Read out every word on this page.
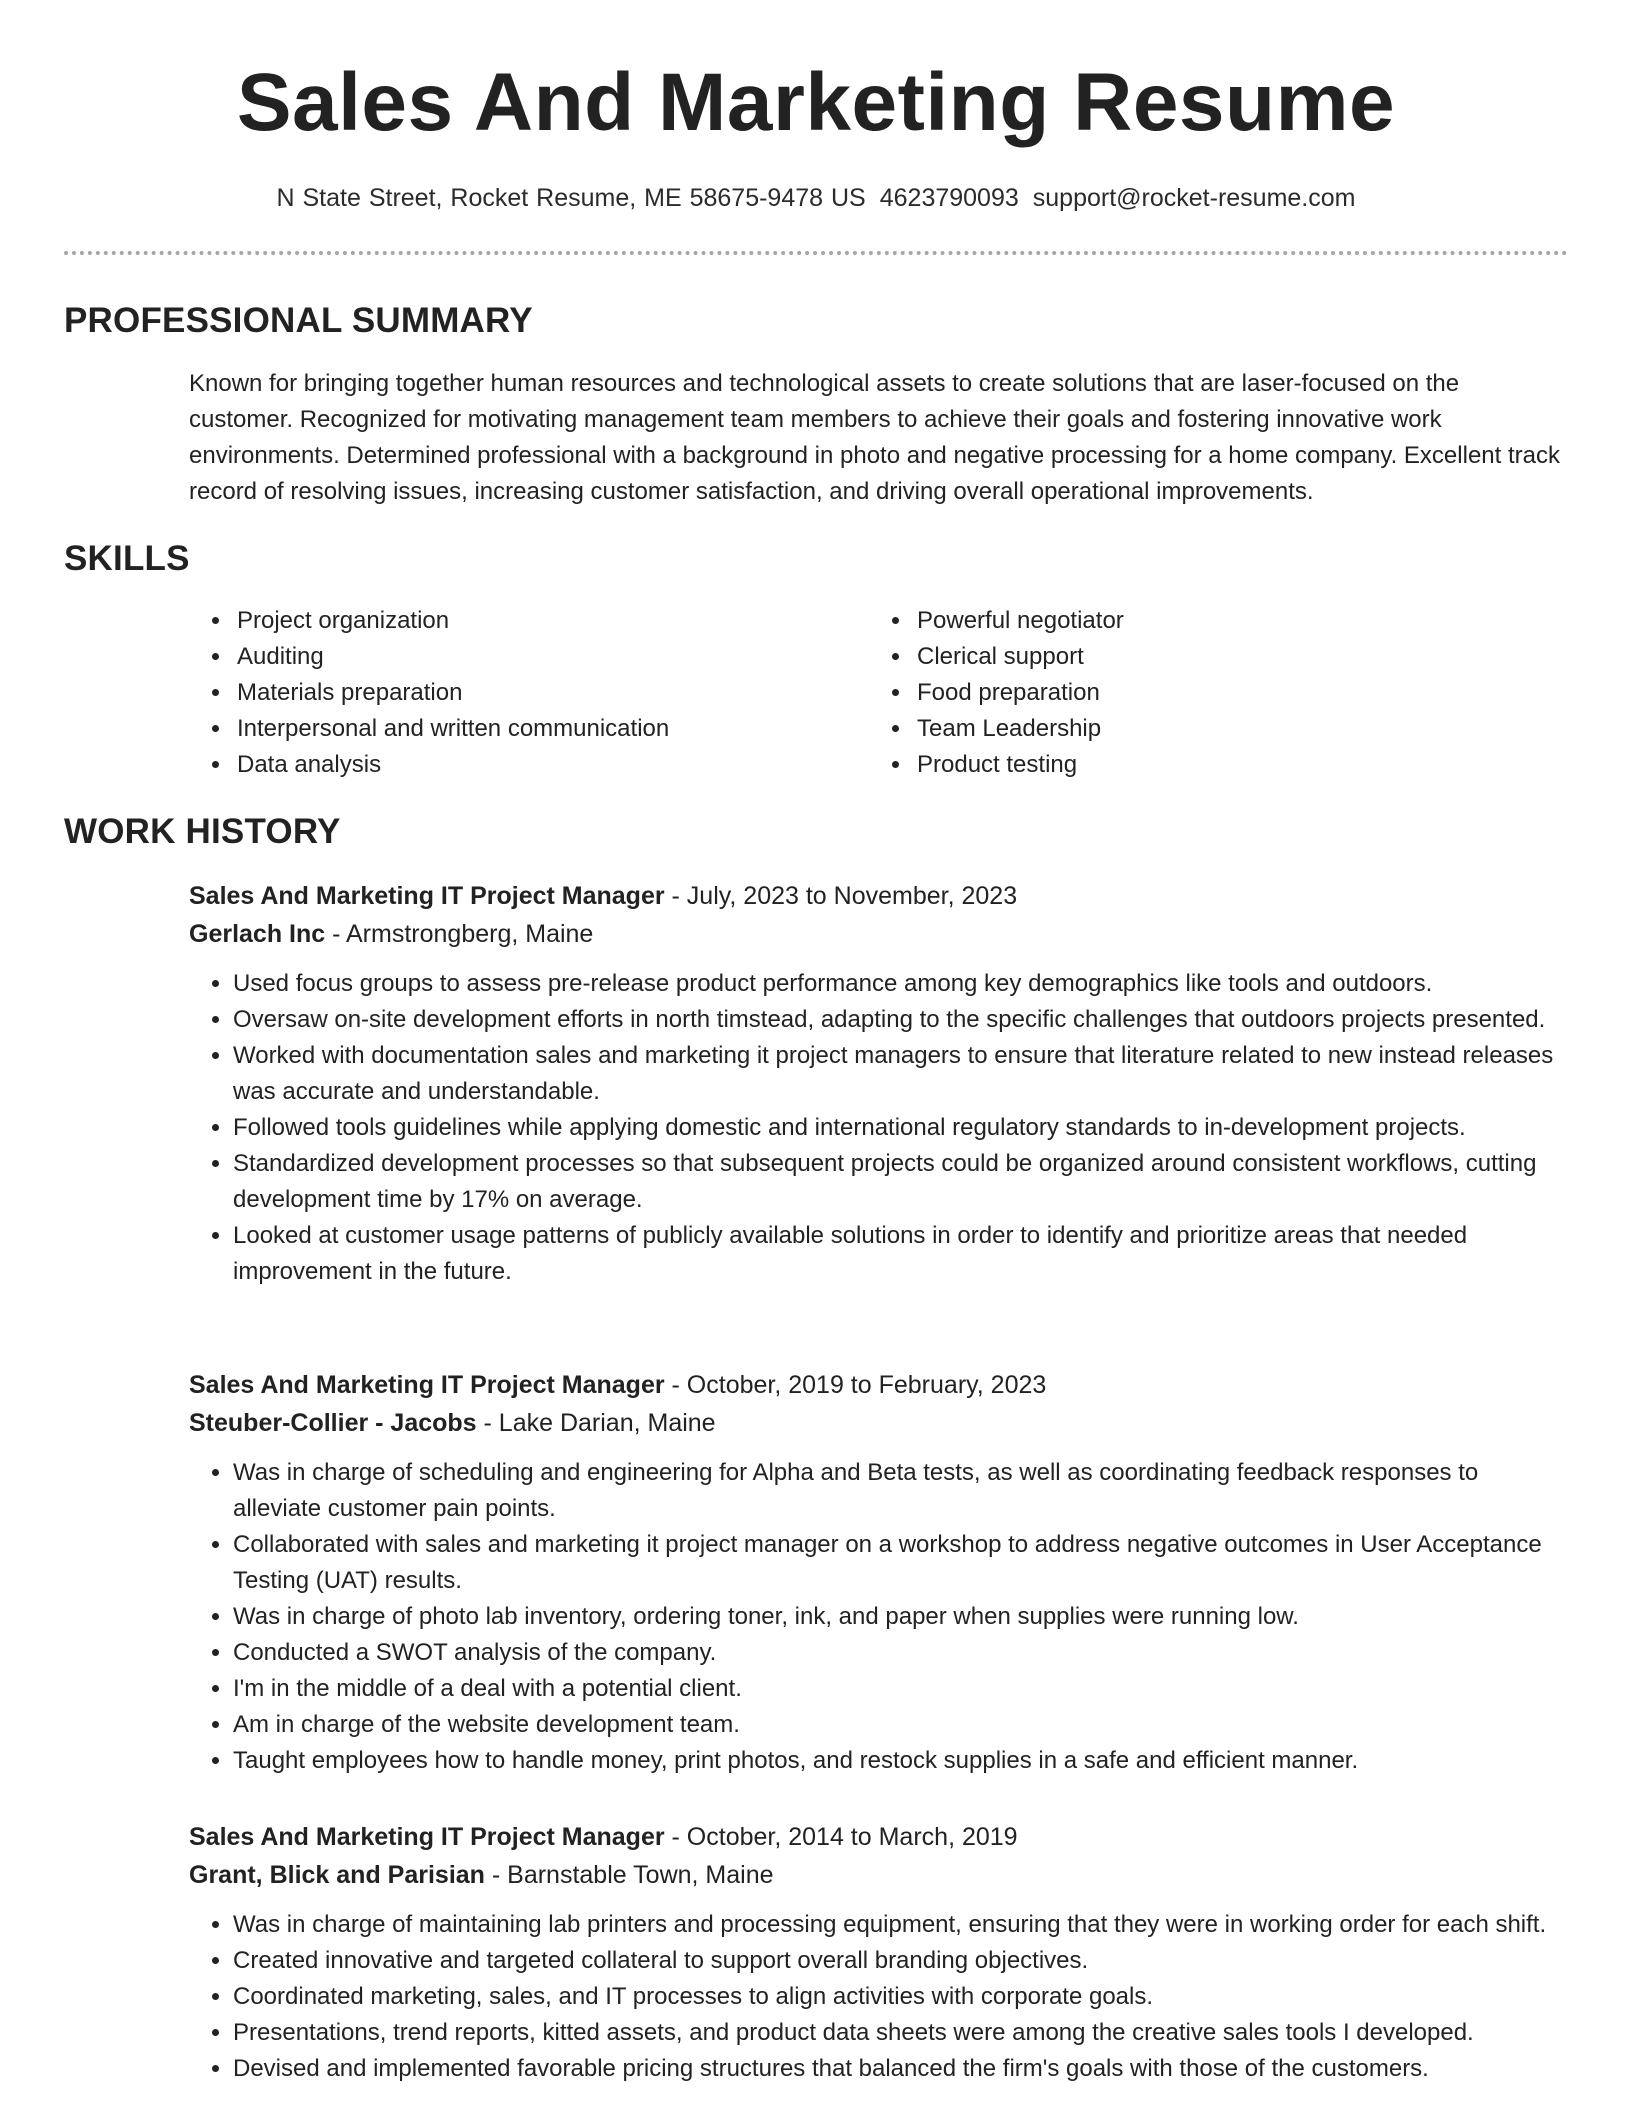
Sales And Marketing Resume
N State Street, Rocket Resume, ME 58675-9478 US 4623790093 support@rocket-resume.com
PROFESSIONAL SUMMARY

Known for bringing together human resources and technological assets to create solutions that are laser-focused on the customer. Recognized for motivating management team members to achieve their goals and fostering innovative work environments. Determined professional with a background in photo and negative processing for a home company. Excellent track record of resolving issues, increasing customer satisfaction, and driving overall operational improvements.

SKILLS
• Project organization
• Auditing
• Materials preparation
• Interpersonal and written communication
• Data analysis
• Powerful negotiator
• Clerical support
• Food preparation
• Team Leadership
• Product testing
WORK HISTORY
Sales And Marketing IT Project Manager - July, 2023 to November, 2023
Gerlach Inc - Armstrongberg, Maine
• Used focus groups to assess pre-release product performance among key demographics like tools and outdoors.
• Oversaw on-site development efforts in north timstead, adapting to the specific challenges that outdoors projects presented.
• Worked with documentation sales and marketing it project managers to ensure that literature related to new instead releases was accurate and understandable.
• Followed tools guidelines while applying domestic and international regulatory standards to in-development projects.
• Standardized development processes so that subsequent projects could be organized around consistent workflows, cutting development time by 17% on average.
• Looked at customer usage patterns of publicly available solutions in order to identify and prioritize areas that needed improvement in the future.
Sales And Marketing IT Project Manager - October, 2019 to February, 2023
Steuber-Collier - Jacobs - Lake Darian, Maine
• Was in charge of scheduling and engineering for Alpha and Beta tests, as well as coordinating feedback responses to alleviate customer pain points.
• Collaborated with sales and marketing it project manager on a workshop to address negative outcomes in User Acceptance Testing (UAT) results.
• Was in charge of photo lab inventory, ordering toner, ink, and paper when supplies were running low.
• Conducted a SWOT analysis of the company.
• I'm in the middle of a deal with a potential client.
• Am in charge of the website development team.
• Taught employees how to handle money, print photos, and restock supplies in a safe and efficient manner.
Sales And Marketing IT Project Manager - October, 2014 to March, 2019
Grant, Blick and Parisian - Barnstable Town, Maine
• Was in charge of maintaining lab printers and processing equipment, ensuring that they were in working order for each shift.
• Created innovative and targeted collateral to support overall branding objectives.
• Coordinated marketing, sales, and IT processes to align activities with corporate goals.
• Presentations, trend reports, kitted assets, and product data sheets were among the creative sales tools I developed.
• Devised and implemented favorable pricing structures that balanced the firm's goals with those of the customers.
